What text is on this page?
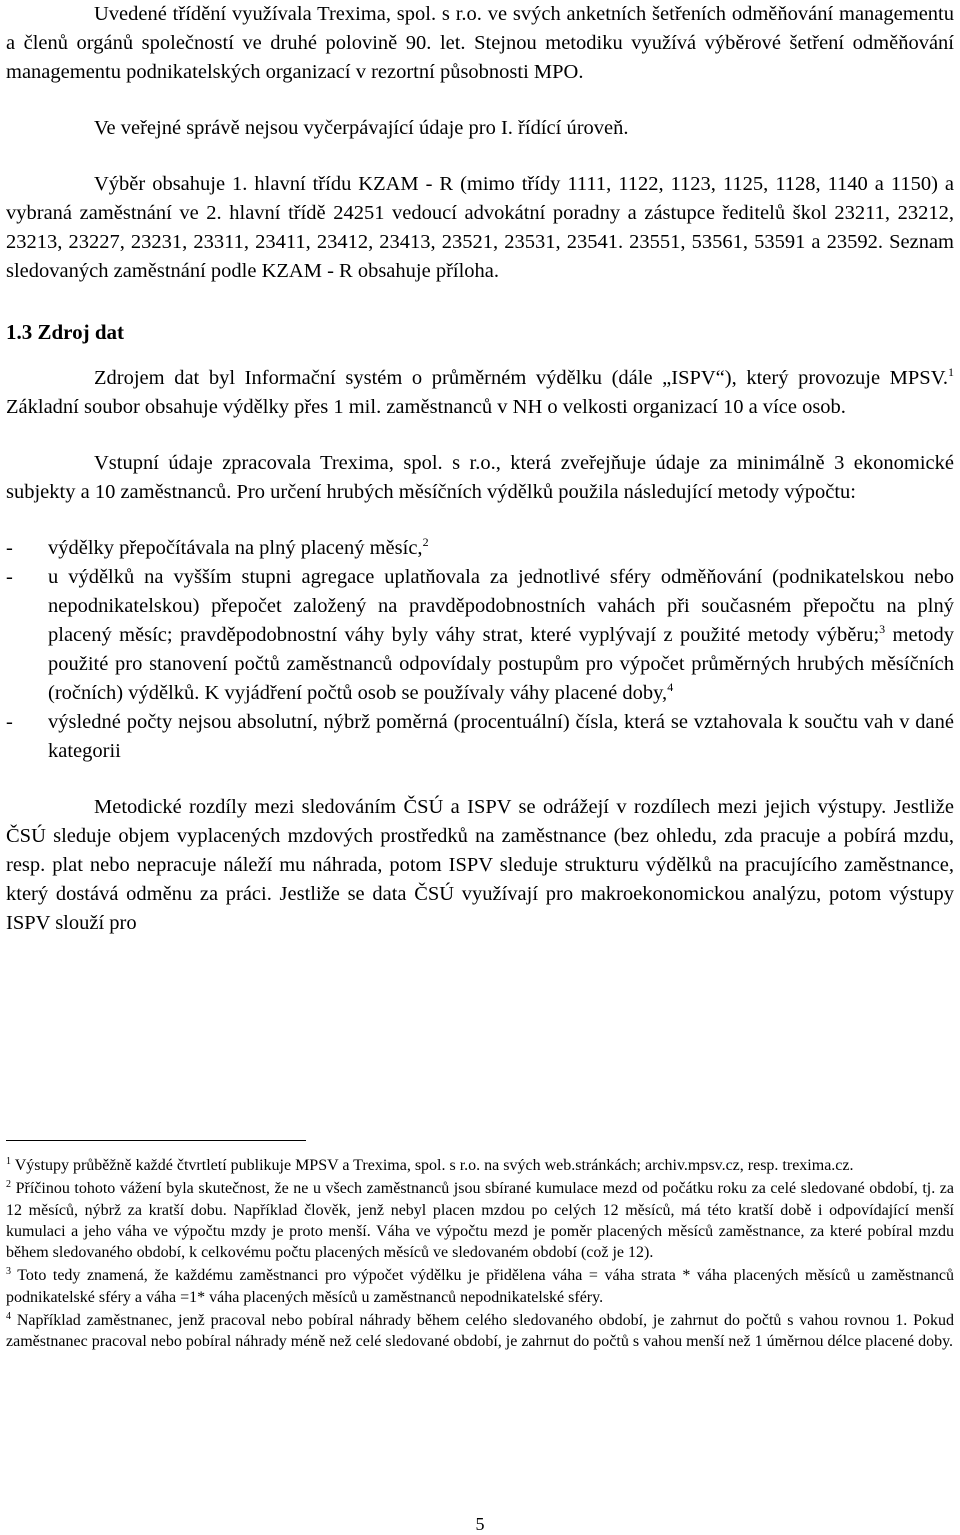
Uvedené třídění využívala Trexima, spol. s r.o. ve svých anketních šetřeních odměňování managementu a členů orgánů společností ve druhé polovině 90. let. Stejnou metodiku využívá výběrové šetření odměňování managementu podnikatelských organizací v rezortní působnosti MPO.

Ve veřejné správě nejsou vyčerpávající údaje pro I. řídící úroveň.

Výběr obsahuje 1. hlavní třídu KZAM - R (mimo třídy 1111, 1122, 1123, 1125, 1128, 1140 a 1150) a vybraná zaměstnání ve 2. hlavní třídě 24251 vedoucí advokátní poradny a zástupce ředitelů škol 23211, 23212, 23213, 23227, 23231, 23311, 23411, 23412, 23413, 23521, 23531, 23541. 23551, 53561, 53591 a 23592. Seznam sledovaných zaměstnání podle KZAM - R obsahuje příloha.

1.3 Zdroj dat

Zdrojem dat byl Informační systém o průměrném výdělku (dále „ISPV“), který provozuje MPSV.$^1$ Základní soubor obsahuje výdělky přes 1 mil. zaměstnanců v NH o velkosti organizací 10 a více osob.

Vstupní údaje zpracovala Trexima, spol. s r.o., která zveřejňuje údaje za minimálně 3 ekonomické subjekty a 10 zaměstnanců. Pro určení hrubých měsíčních výdělků použila následující metody výpočtu:

- výdělky přepočítávala na plný placený měsíc,$^2$
- u výdělků na vyšším stupni agregace uplatňovala za jednotlivé sféry odměňování (podnikatelskou nebo nepodnikatelskou) přepočet založený na pravděpodobnostních vahách při současném přepočtu na plný placený měsíc; pravděpodobnostní váhy byly váhy strat, které vyplývají z použité metody výběru;$^3$ metody použité pro stanovení počtů zaměstnanců odpovídaly postupům pro výpočet průměrných hrubých měsíčních (ročních) výdělků. K vyjádření počtů osob se používaly váhy placené doby,$^4$
- výsledné počty nejsou absolutní, nýbrž poměrná (procentuální) čísla, která se vztahovala k součtu vah v dané kategorii

Metodické rozdíly mezi sledováním ČSÚ a ISPV se odrážejí v rozdílech mezi jejich výstupy. Jestliže ČSÚ sleduje objem vyplacených mzdových prostředků na zaměstnance (bez ohledu, zda pracuje a pobírá mzdu, resp. plat nebo nepracuje náleží mu náhrada, potom ISPV sleduje strukturu výdělků na pracujícího zaměstnance, který dostává odměnu za práci. Jestliže se data ČSÚ využívají pro makroekonomickou analýzu, potom výstupy ISPV slouží pro

$^1$ Výstupy průběžně každé čtvrtletí publikuje MPSV a Trexima, spol. s r.o. na svých web.stránkách; archiv.mpsv.cz, resp. trexima.cz.

$^2$ Příčinou tohoto vážení byla skutečnost, že ne u všech zaměstnanců jsou sbírané kumulace mezd od počátku roku za celé sledované období, tj. za 12 měsíců, nýbrž za kratší dobu. Například člověk, jenž nebyl placen mzdou po celých 12 měsíců, má této kratší době i odpovídající menší kumulaci a jeho váha ve výpočtu mzdy je proto menší. Váha ve výpočtu mezd je poměr placených měsíců zaměstnance, za které pobíral mzdu během sledovaného období, k celkovému počtu placených měsíců ve sledovaném období (což je 12).

$^3$ Toto tedy znamená, že každému zaměstnanci pro výpočet výdělku je přidělena váha = váha strata * váha placených měsíců u zaměstnanců podnikatelské sféry a váha =1* váha placených měsíců u zaměstnanců nepodnikatelské sféry.

$^4$ Například zaměstnanec, jenž pracoval nebo pobíral náhrady během celého sledovaného období, je zahrnut do počtů s vahou rovnou 1. Pokud zaměstnanec pracoval nebo pobíral náhrady méně než celé sledované období, je zahrnut do počtů s vahou menší než 1 úměrnou délce placené doby.

5
